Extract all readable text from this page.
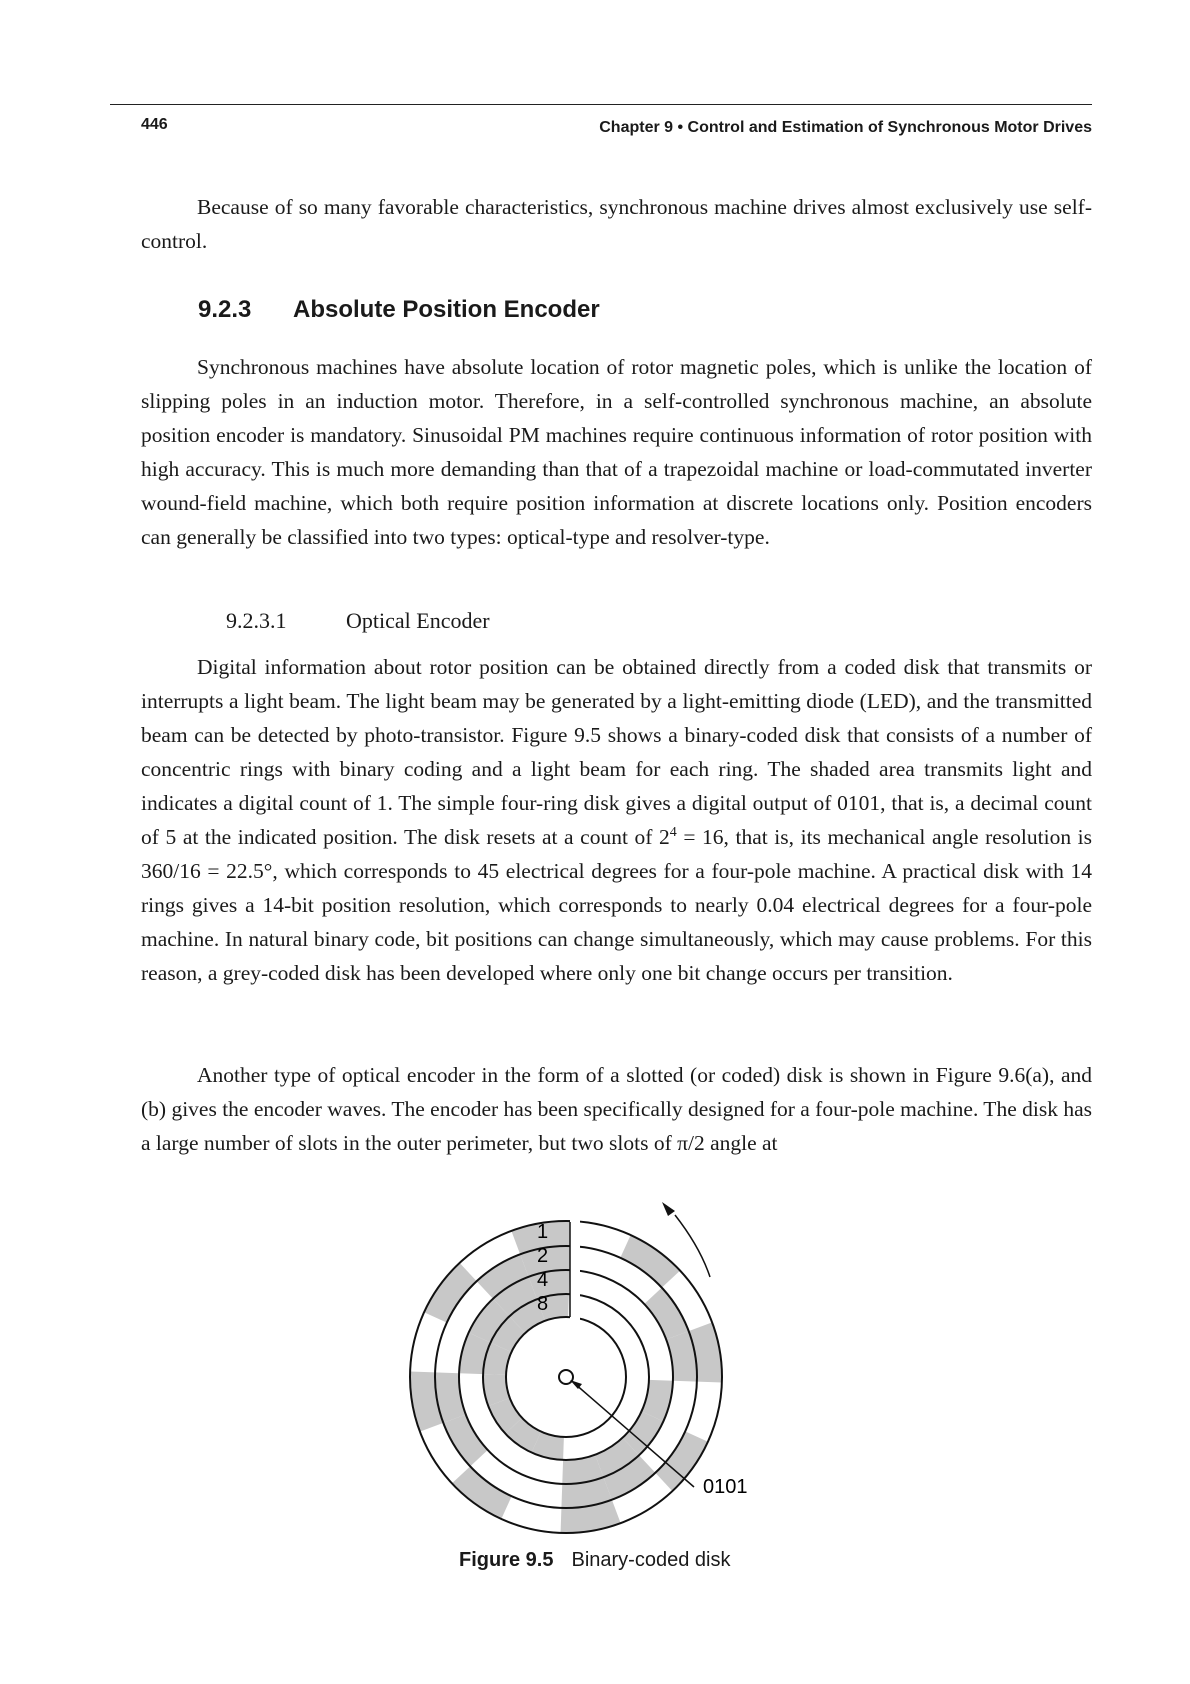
446	Chapter 9 • Control and Estimation of Synchronous Motor Drives

Because of so many favorable characteristics, synchronous machine drives almost exclusively use self-control.

9.2.3 Absolute Position Encoder

Synchronous machines have absolute location of rotor magnetic poles, which is unlike the location of slipping poles in an induction motor. Therefore, in a self-controlled synchronous machine, an absolute position encoder is mandatory. Sinusoidal PM machines require continuous information of rotor position with high accuracy. This is much more demanding than that of a trapezoidal machine or load-commutated inverter wound-field machine, which both require position information at discrete locations only. Position encoders can generally be classified into two types: optical-type and resolver-type.

9.2.3.1	Optical Encoder

Digital information about rotor position can be obtained directly from a coded disk that transmits or interrupts a light beam. The light beam may be generated by a light-emitting diode (LED), and the transmitted beam can be detected by photo-transistor. Figure 9.5 shows a binary-coded disk that consists of a number of concentric rings with binary coding and a light beam for each ring. The shaded area transmits light and indicates a digital count of 1. The simple four-ring disk gives a digital output of 0101, that is, a decimal count of 5 at the indicated position. The disk resets at a count of $2^4 = 16$, that is, its mechanical angle resolution is 360/16 = 22.5°, which corresponds to 45 electrical degrees for a four-pole machine. A practical disk with 14 rings gives a 14-bit position resolution, which corresponds to nearly 0.04 electrical degrees for a four-pole machine. In natural binary code, bit positions can change simultaneously, which may cause problems. For this reason, a grey-coded disk has been developed where only one bit change occurs per transition.

Another type of optical encoder in the form of a slotted (or coded) disk is shown in Figure 9.6(a), and (b) gives the encoder waves. The encoder has been specifically designed for a four-pole machine. The disk has a large number of slots in the outer perimeter, but two slots of π/2 angle at

1
2
4
8
0101
Figure 9.5 Binary-coded disk
